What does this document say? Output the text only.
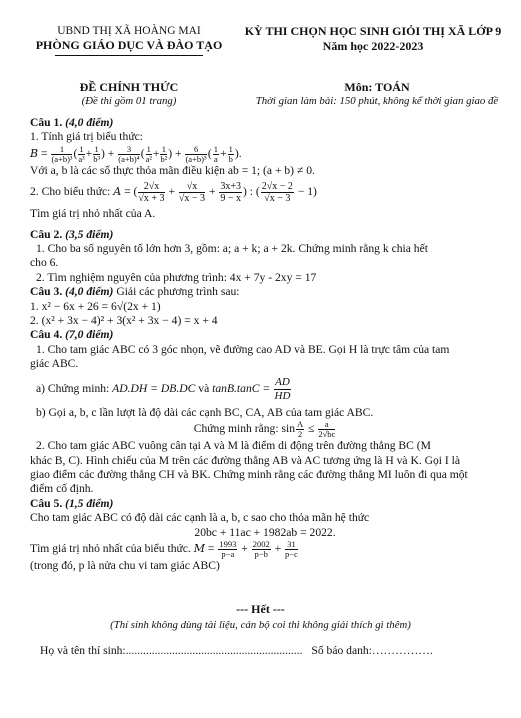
UBND THỊ XÃ HOÀNG MAI
PHÒNG GIÁO DỤC VÀ ĐÀO TẠO
KỲ THI CHỌN HỌC SINH GIỎI THỊ XÃ LỚP 9
Năm học 2022-2023
ĐỀ CHÍNH THỨC
(Đề thi gồm 01 trang)
Môn: TOÁN
Thời gian làm bài: 150 phút, không kể thời gian giao đề

Câu 1. (4,0 điểm)

1. Tính giá trị biểu thức:

$B = \frac{1}{\text{(a+b)³}}$ ( $\frac{1}{\text{a³}} + \frac{1}{\text{b³}}$ ) + $\frac{3}{\text{(a+b)⁴}}$ ( $\frac{1}{\text{a²}} + \frac{1}{\text{b²}}$ ) + $\frac{6}{\text{(a+b)⁵}}$ ( $\frac{1}{a} + \frac{1}{b}$ ).

Với a, b là các số thực thỏa mãn điều kiện ab = 1; (a + b) ≠ 0.

2. Cho biểu thức: A = ( $\frac{2√x}{√x + 3} + \frac{√x}{√x - 3} + \frac{3x+3}{9 - x}$ ) : ( $\frac{2√x - 2}{√x - 3} - 1$)

Tìm giá trị nhỏ nhất của A.

Câu 2. (3,5 điểm)

1. Cho ba số nguyên tố lớn hơn 3, gồm: a; a + k; a + 2k. Chứng minh rằng k chia hết

cho 6.

2. Tìm nghiệm nguyên của phương trình: 4x + 7y - 2xy = 17

Câu 3. (4,0 điểm) Giải các phương trình sau:

1. x² − 6x + 26 = 6√(2x + 1)

2. (x² + 3x − 4)² + 3(x² + 3x − 4) = x + 4

Câu 4. (7,0 điểm)

1. Cho tam giác ABC có 3 góc nhọn, vẽ đường cao AD và BE. Gọi H là trực tâm của tam

giác ABC.

a) Chứng minh: AD.DH = DB.DC và $\tan B.\tan C = \frac{AD}{HD}$

b) Gọi a, b, c lần lượt là độ dài các cạnh BC, CA, AB của tam giác ABC.

Chứng minh rằng: $\sin \frac{A}{2} \le \frac{a}{2√bc}$

2. Cho tam giác ABC vuông cân tại A và M là điểm di động trên đường thẳng BC (M

khác B, C). Hình chiếu của M trên các đường thẳng AB và AC tương ứng là H và K. Gọi I là

giao điểm các đường thẳng CH và BK. Chứng minh rằng các đường thẳng MI luôn đi qua một

điểm cố định.

Câu 5. (1,5 điểm)

Cho tam giác ABC có độ dài các cạnh là a, b, c sao cho thỏa mãn hệ thức

20bc + 11ac + 1982ab = 2022.

Tìm giá trị nhỏ nhất của biểu thức. $M = \frac{1993}{p-a} + \frac{2002}{p-b} + \frac{31}{p-c}$

(trong đó, p là nửa chu vi tam giác ABC)

--- Hết ---
(Thí sinh không dùng tài liệu, cán bộ coi thi không giải thích gì thêm)
Họ và tên thí sinh:............................................................. Số báo danh:…………….
